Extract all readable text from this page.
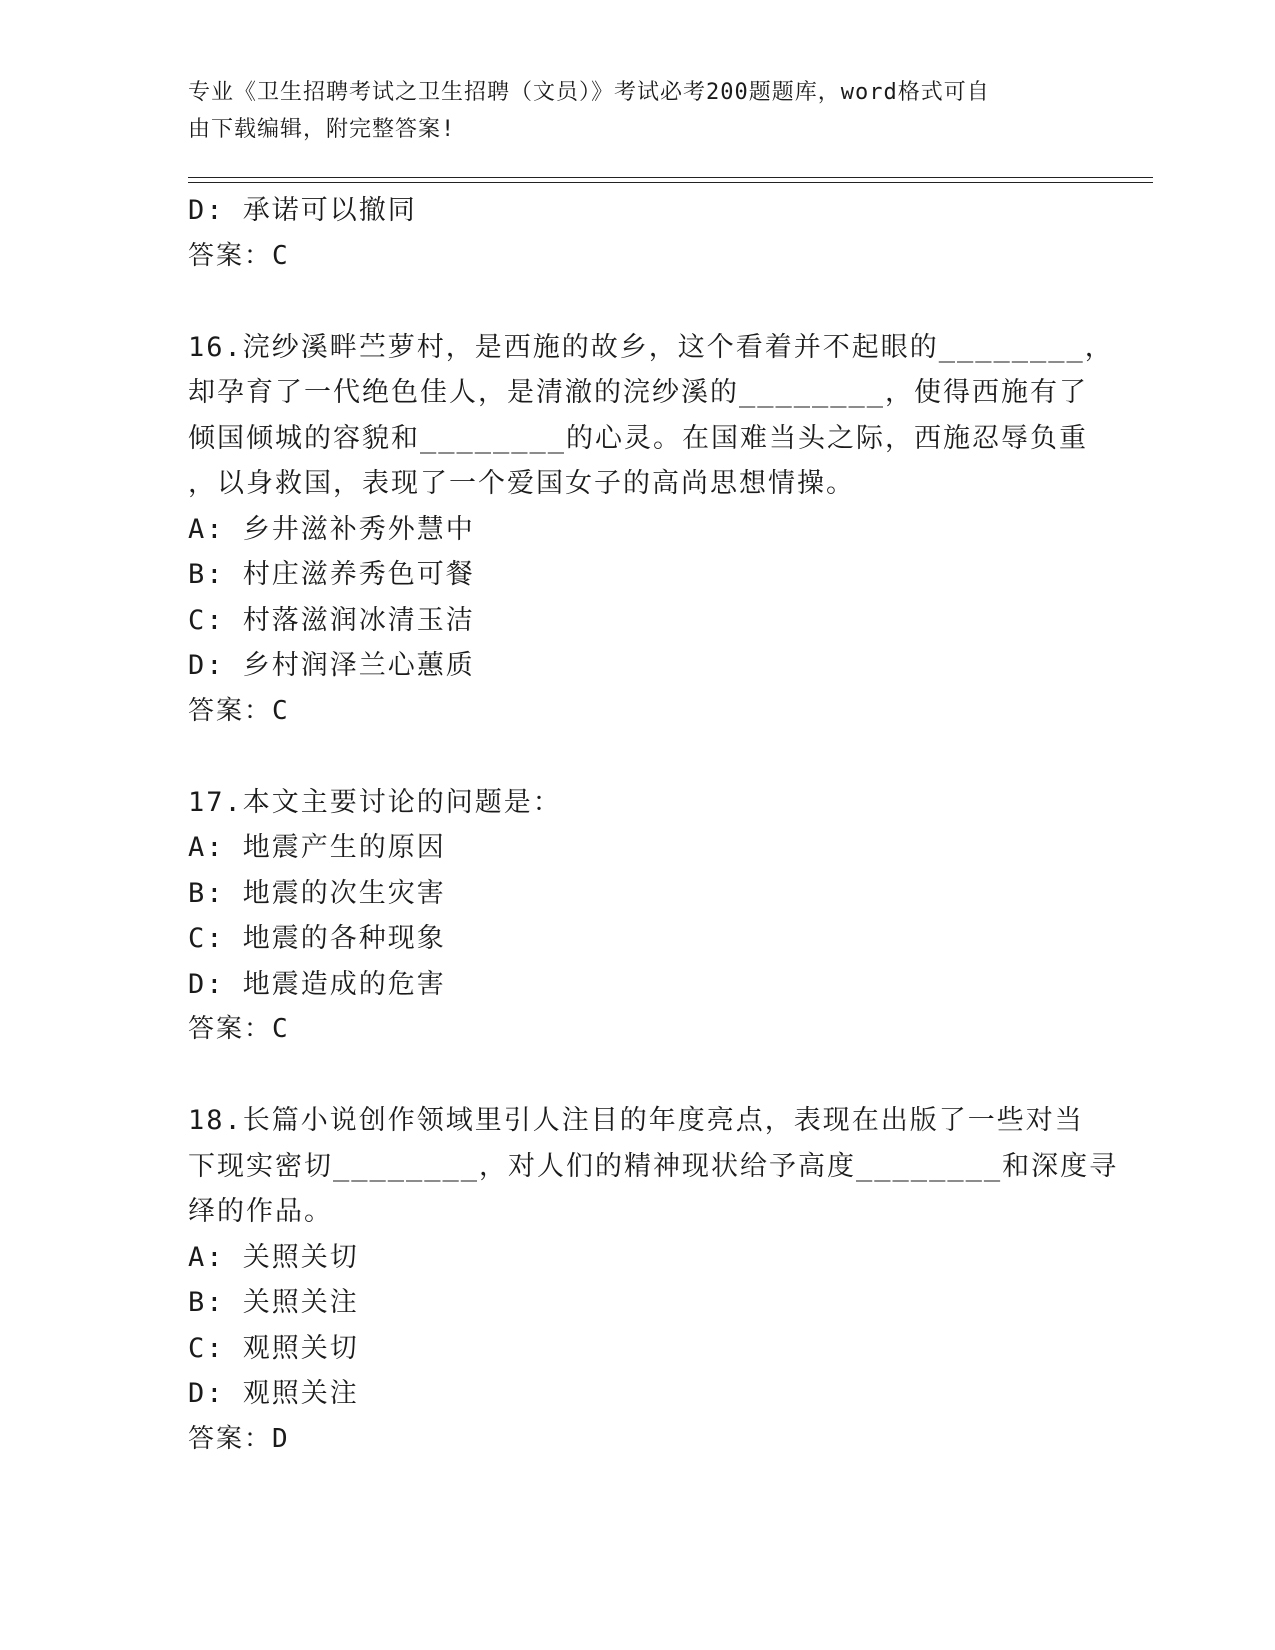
专业《卫生招聘考试之卫生招聘（文员）》考试必考200题题库，word格式可自
由下载编辑，附完整答案!
D: 承诺可以撤同
答案：C
16.浣纱溪畔苎萝村，是西施的故乡，这个看着并不起眼的________，
却孕育了一代绝色佳人，是清澈的浣纱溪的________，使得西施有了
倾国倾城的容貌和________的心灵。在国难当头之际，西施忍辱负重
，以身救国，表现了一个爱国女子的高尚思想情操。
A: 乡井滋补秀外慧中
B: 村庄滋养秀色可餐
C: 村落滋润冰清玉洁
D: 乡村润泽兰心蕙质
答案：C
17.本文主要讨论的问题是：
A: 地震产生的原因
B: 地震的次生灾害
C: 地震的各种现象
D: 地震造成的危害
答案：C
18.长篇小说创作领域里引人注目的年度亮点，表现在出版了一些对当
下现实密切________，对人们的精神现状给予高度________和深度寻
绎的作品。
A: 关照关切
B: 关照关注
C: 观照关切
D: 观照关注
答案：D
